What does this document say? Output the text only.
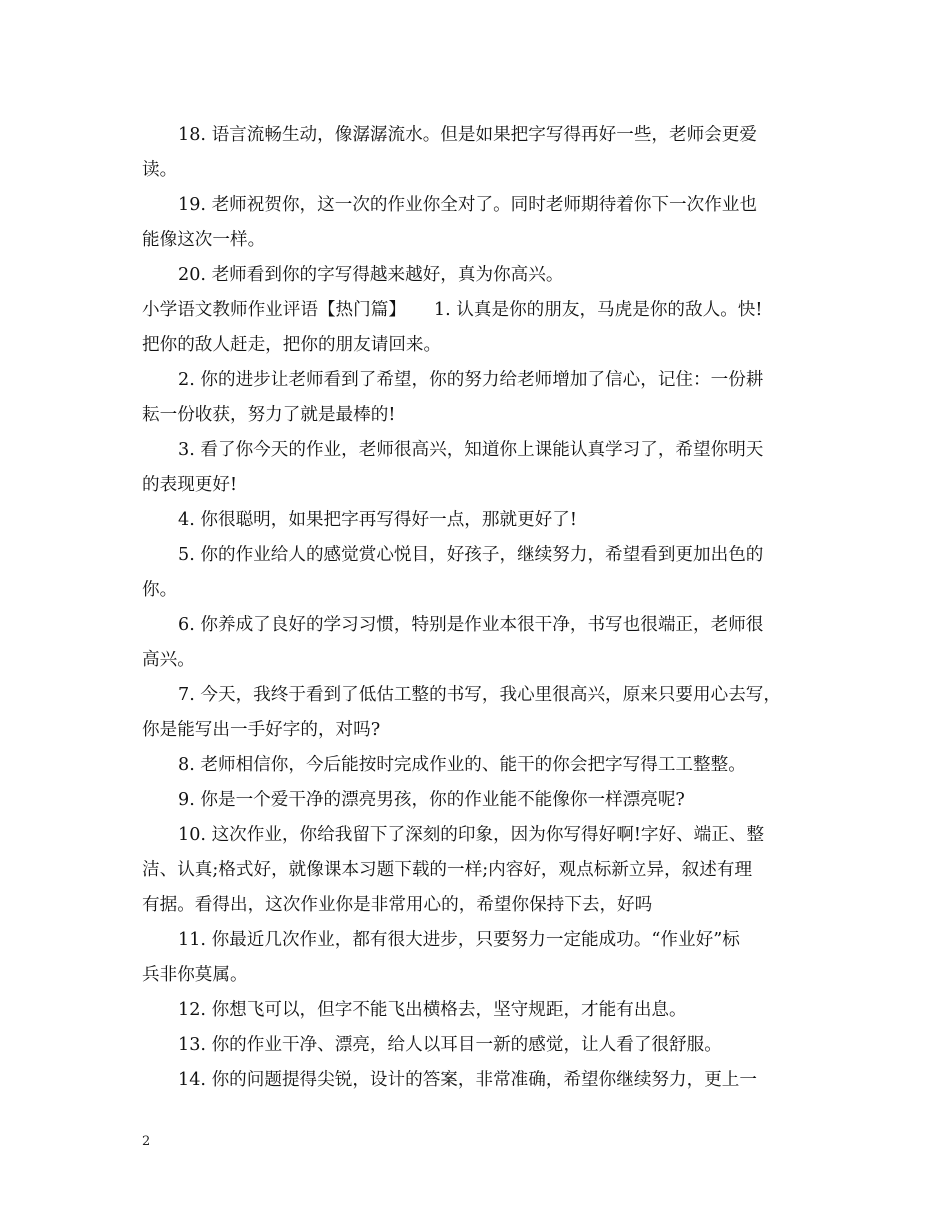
18. 语言流畅生动，像潺潺流水。但是如果把字写得再好一些，老师会更爱
读。
19. 老师祝贺你，这一次的作业你全对了。同时老师期待着你下一次作业也
能像这次一样。
20. 老师看到你的字写得越来越好，真为你高兴。
小学语文教师作业评语【热门篇】 1. 认真是你的朋友，马虎是你的敌人。快!
把你的敌人赶走，把你的朋友请回来。
2. 你的进步让老师看到了希望，你的努力给老师增加了信心，记住：一份耕
耘一份收获，努力了就是最棒的!
3. 看了你今天的作业，老师很高兴，知道你上课能认真学习了，希望你明天
的表现更好!
4. 你很聪明，如果把字再写得好一点，那就更好了!
5. 你的作业给人的感觉赏心悦目，好孩子，继续努力，希望看到更加出色的
你。
6. 你养成了良好的学习习惯，特别是作业本很干净，书写也很端正，老师很
高兴。
7. 今天，我终于看到了低估工整的书写，我心里很高兴，原来只要用心去写，
你是能写出一手好字的，对吗?
8. 老师相信你，今后能按时完成作业的、能干的你会把字写得工工整整。
9. 你是一个爱干净的漂亮男孩，你的作业能不能像你一样漂亮呢?
10. 这次作业，你给我留下了深刻的印象，因为你写得好啊!字好、端正、整
洁、认真;格式好，就像课本习题下载的一样;内容好，观点标新立异，叙述有理
有据。看得出，这次作业你是非常用心的，希望你保持下去，好吗
11. 你最近几次作业，都有很大进步，只要努力一定能成功。“作业好”标
兵非你莫属。
12. 你想飞可以，但字不能飞出横格去，坚守规距，才能有出息。
13. 你的作业干净、漂亮，给人以耳目一新的感觉，让人看了很舒服。
14. 你的问题提得尖锐，设计的答案，非常准确，希望你继续努力，更上一
2
